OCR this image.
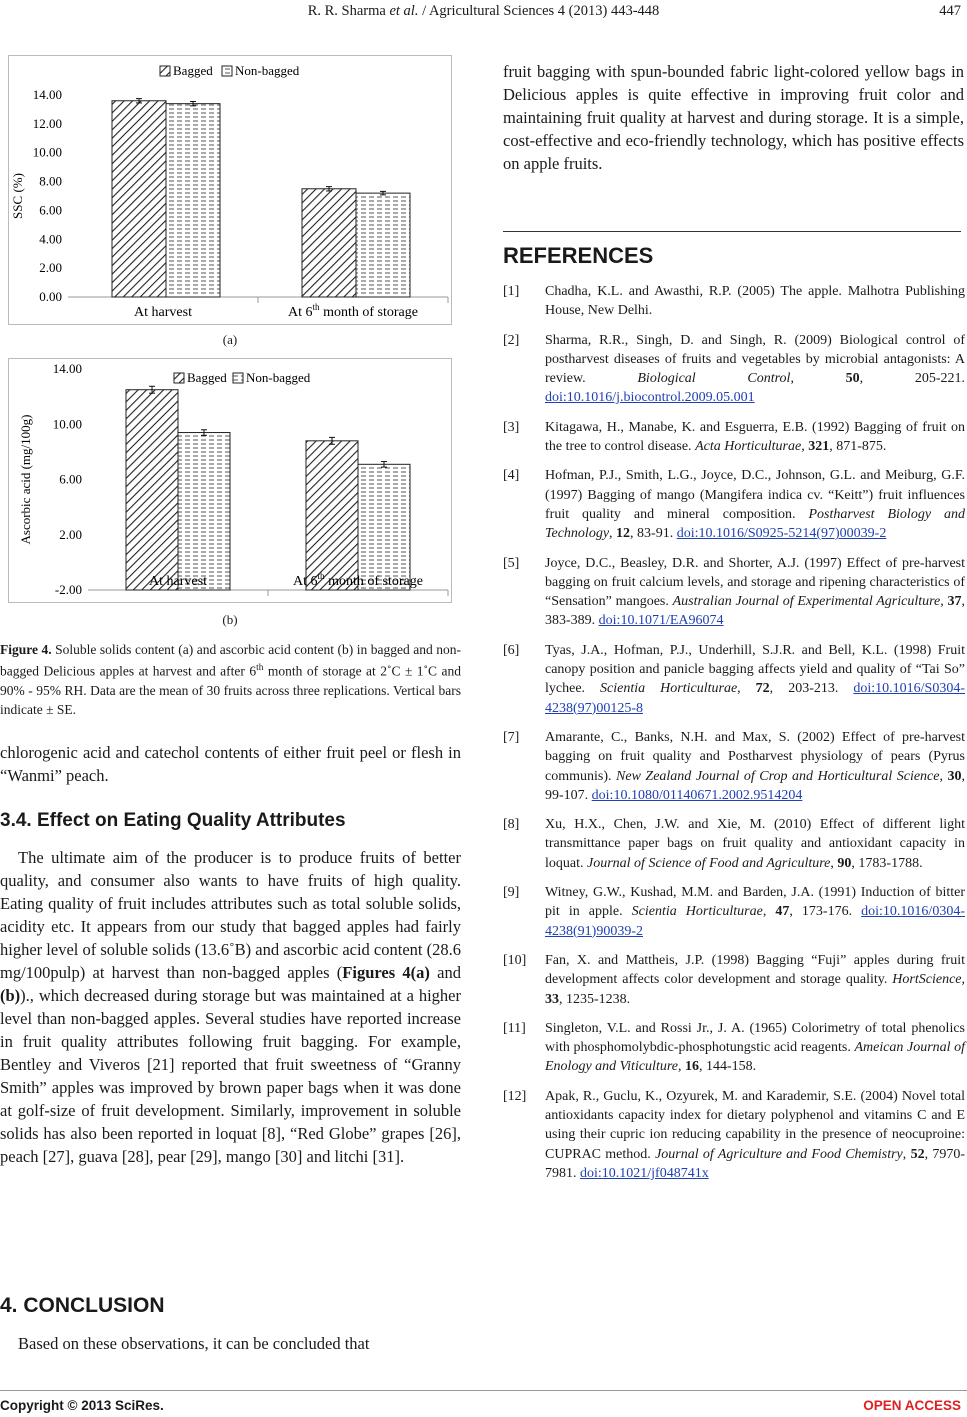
R. R. Sharma et al. / Agricultural Sciences 4 (2013) 443-448	447
0.00
2.00
4.00
6.00
8.00
10.00
12.00
14.00
SSC (%)
At harvest	At 6th month of storage
Bagged Non-bagged
(a)
-2.00
2.00
6.00
10.00
14.00
Ascorbic acid (mg/100g)
At harvest	At 6th month of storage
Bagged Non-bagged
(b)
Figure 4. Soluble solids content (a) and ascorbic acid content (b) in bagged and non-bagged Delicious apples at harvest and after 6th month of storage at 2˚C ± 1˚C and 90% - 95% RH. Data are the mean of 30 fruits across three replications. Vertical bars indicate ± SE.
chlorogenic acid and catechol contents of either fruit peel or flesh in “Wanmi” peach.
3.4. Effect on Eating Quality Attributes
The ultimate aim of the producer is to produce fruits of better quality, and consumer also wants to have fruits of high quality. Eating quality of fruit includes attributes such as total soluble solids, acidity etc. It appears from our study that bagged apples had fairly higher level of soluble solids (13.6˚B) and ascorbic acid content (28.6 mg/100pulp) at harvest than non-bagged apples (Figures 4(a) and (b))., which decreased during storage but was maintained at a higher level than non-bagged apples. Several studies have reported increase in fruit quality attributes following fruit bagging. For example, Bentley and Viveros [21] reported that fruit sweetness of “Granny Smith” apples was improved by brown paper bags when it was done at golf-size of fruit development. Similarly, improvement in soluble solids has also been reported in loquat [8], “Red Globe” grapes [26], peach [27], guava [28], pear [29], mango [30] and litchi [31].
4. CONCLUSION
Based on these observations, it can be concluded that
fruit bagging with spun-bounded fabric light-colored yellow bags in Delicious apples is quite effective in improving fruit color and maintaining fruit quality at harvest and during storage. It is a simple, cost-effective and eco-friendly technology, which has positive effects on apple fruits.
REFERENCES
[1] Chadha, K.L. and Awasthi, R.P. (2005) The apple. Malhotra Publishing House, New Delhi.
[2] Sharma, R.R., Singh, D. and Singh, R. (2009) Biological control of postharvest diseases of fruits and vegetables by microbial antagonists: A review. Biological Control, 50, 205-221. doi:10.1016/j.biocontrol.2009.05.001
[3] Kitagawa, H., Manabe, K. and Esguerra, E.B. (1992) Bagging of fruit on the tree to control disease. Acta Horticulturae, 321, 871-875.
[4] Hofman, P.J., Smith, L.G., Joyce, D.C., Johnson, G.L. and Meiburg, G.F. (1997) Bagging of mango (Mangifera indica cv. “Keitt”) fruit influences fruit quality and mineral composition. Postharvest Biology and Technology, 12, 83-91. doi:10.1016/S0925-5214(97)00039-2
[5] Joyce, D.C., Beasley, D.R. and Shorter, A.J. (1997) Effect of pre-harvest bagging on fruit calcium levels, and storage and ripening characteristics of “Sensation” mangoes. Australian Journal of Experimental Agriculture, 37, 383-389. doi:10.1071/EA96074
[6] Tyas, J.A., Hofman, P.J., Underhill, S.J.R. and Bell, K.L. (1998) Fruit canopy position and panicle bagging affects yield and quality of “Tai So” lychee. Scientia Horticulturae, 72, 203-213. doi:10.1016/S0304-4238(97)00125-8
[7] Amarante, C., Banks, N.H. and Max, S. (2002) Effect of pre-harvest bagging on fruit quality and Postharvest physiology of pears (Pyrus communis). New Zealand Journal of Crop and Horticultural Science, 30, 99-107. doi:10.1080/01140671.2002.9514204
[8] Xu, H.X., Chen, J.W. and Xie, M. (2010) Effect of different light transmittance paper bags on fruit quality and antioxidant capacity in loquat. Journal of Science of Food and Agriculture, 90, 1783-1788.
[9] Witney, G.W., Kushad, M.M. and Barden, J.A. (1991) Induction of bitter pit in apple. Scientia Horticulturae, 47, 173-176. doi:10.1016/0304-4238(91)90039-2
[10] Fan, X. and Mattheis, J.P. (1998) Bagging “Fuji” apples during fruit development affects color development and storage quality. HortScience, 33, 1235-1238.
[11] Singleton, V.L. and Rossi Jr., J. A. (1965) Colorimetry of total phenolics with phosphomolybdic-phosphotungstic acid reagents. Ameican Journal of Enology and Viticulture, 16, 144-158.
[12] Apak, R., Guclu, K., Ozyurek, M. and Karademir, S.E. (2004) Novel total antioxidants capacity index for dietary polyphenol and vitamins C and E using their cupric ion reducing capability in the presence of neocuproine: CUPRAC method. Journal of Agriculture and Food Chemistry, 52, 7970-7981. doi:10.1021/jf048741x
Copyright © 2013 SciRes.	OPEN ACCESS
